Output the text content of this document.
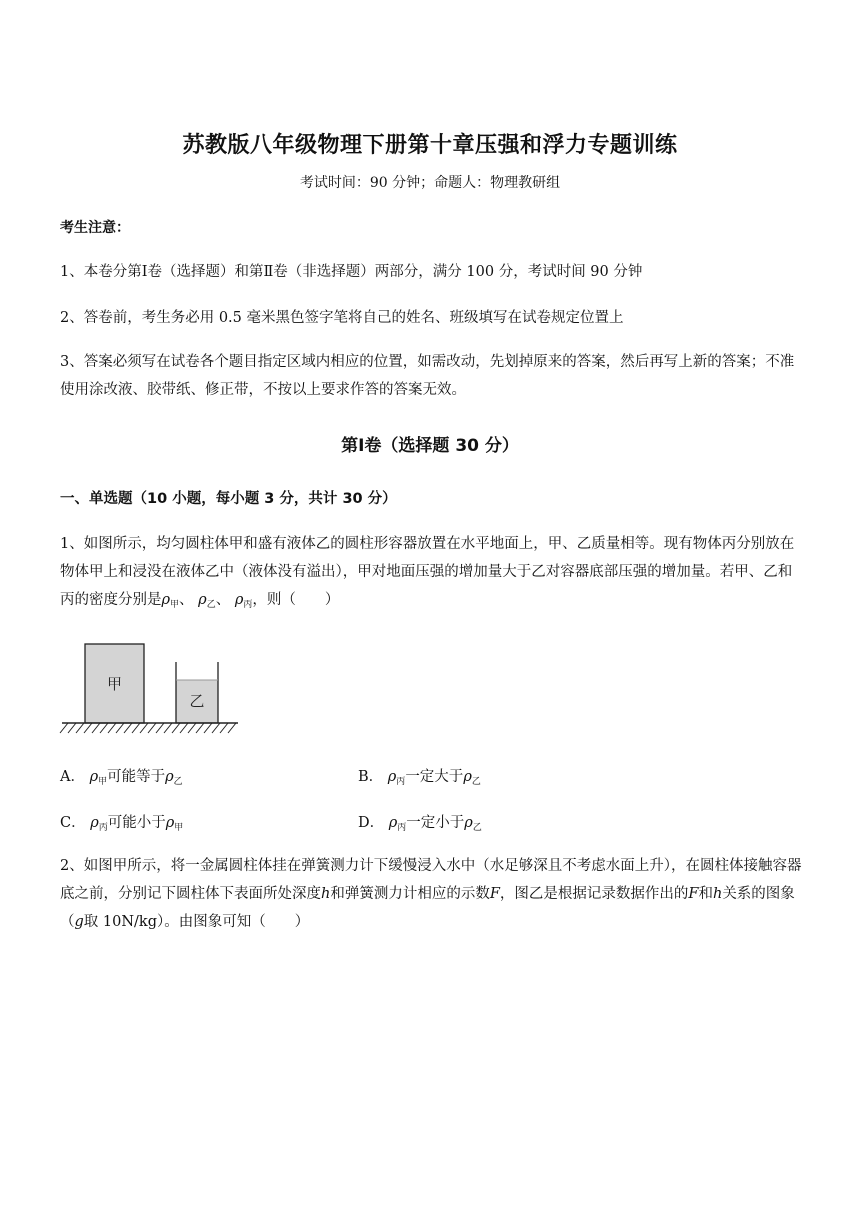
苏教版八年级物理下册第十章压强和浮力专题训练
考试时间：90 分钟；命题人：物理教研组
考生注意：
1、本卷分第Ⅰ卷（选择题）和第Ⅱ卷（非选择题）两部分，满分 100 分，考试时间 90 分钟
2、答卷前，考生务必用 0.5 毫米黑色签字笔将自己的姓名、班级填写在试卷规定位置上
3、答案必须写在试卷各个题目指定区域内相应的位置，如需改动，先划掉原来的答案，然后再写上新的答案；不准使用涂改液、胶带纸、修正带，不按以上要求作答的答案无效。
第Ⅰ卷（选择题 30 分）
一、单选题（10 小题，每小题 3 分，共计 30 分）
1、如图所示，均匀圆柱体甲和盛有液体乙的圆柱形容器放置在水平地面上，甲、乙质量相等。现有物体丙分别放在物体甲上和浸没在液体乙中（液体没有溢出），甲对地面压强的增加量大于乙对容器底部压强的增加量。若甲、乙和丙的密度分别是$\rho_甲$、 $\rho_乙$、 $\rho_丙$，则（　　）
甲
乙
A． $\rho_甲$可能等于$\rho_乙$	B． $\rho_丙$一定大于$\rho_乙$
C． $\rho_丙$可能小于$\rho_甲$	D． $\rho_丙$一定小于$\rho_乙$
2、如图甲所示，将一金属圆柱体挂在弹簧测力计下缓慢浸入水中（水足够深且不考虑水面上升），在圆柱体接触容器底之前，分别记下圆柱体下表面所处深度h和弹簧测力计相应的示数F，图乙是根据记录数据作出的F和h关系的图象（g取 10N/kg）。由图象可知（　　）
